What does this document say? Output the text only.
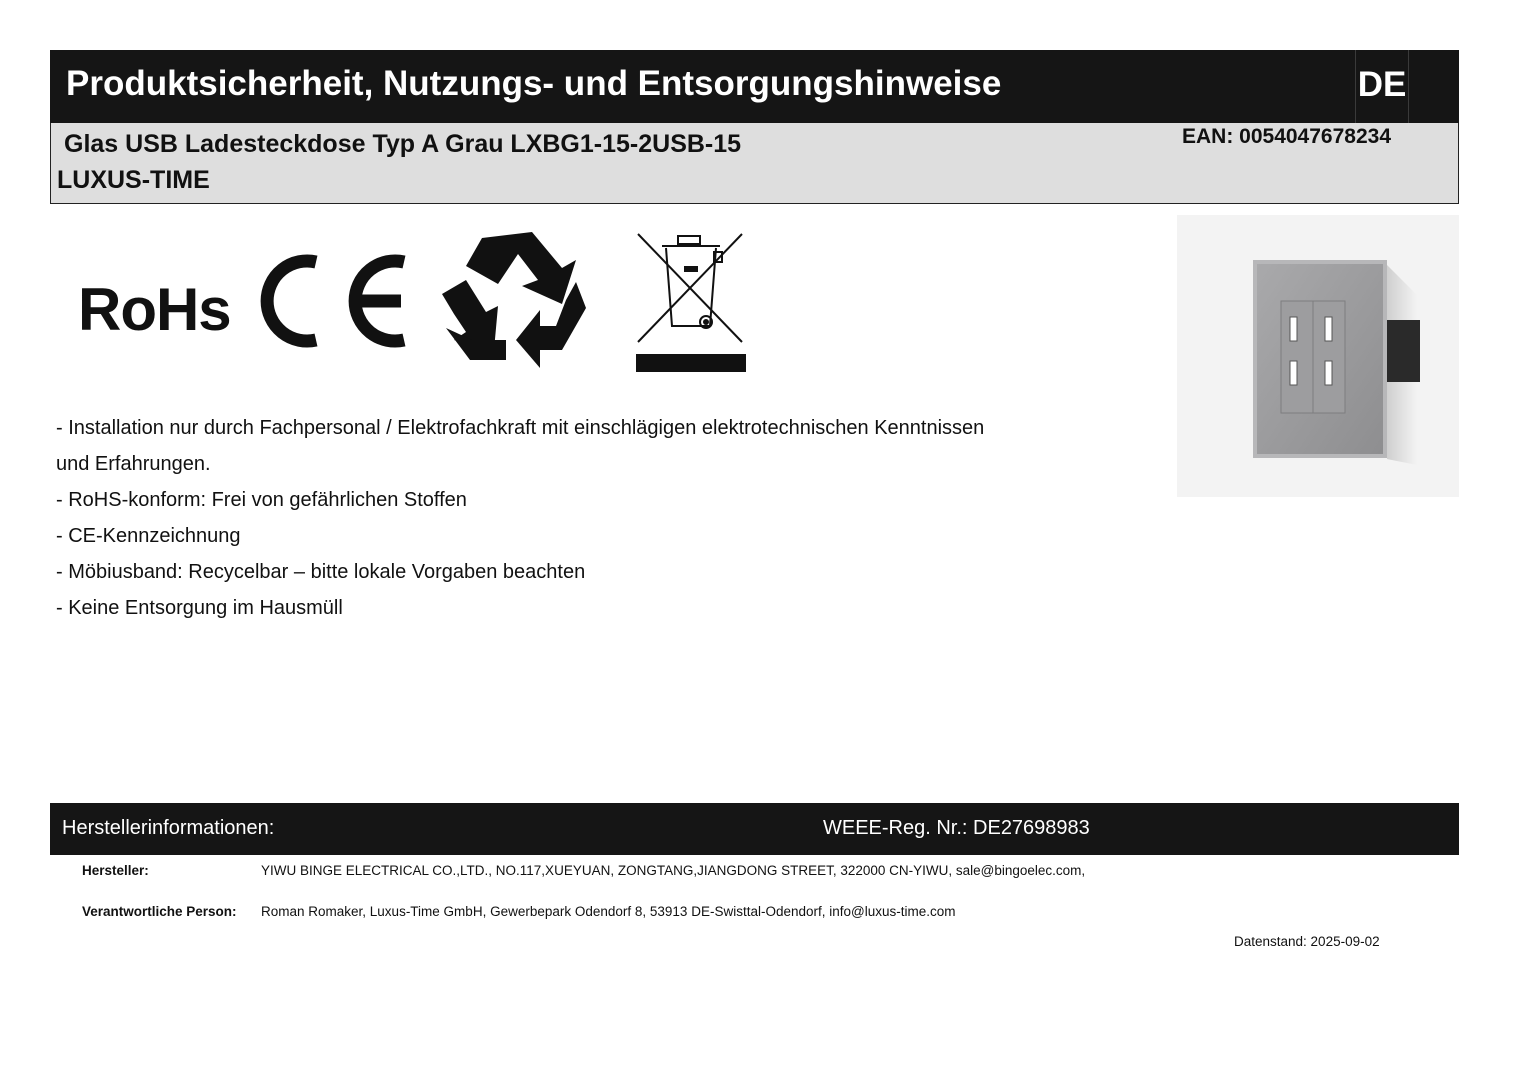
Produktsicherheit, Nutzungs- und Entsorgungshinweise	DE
Glas USB Ladesteckdose Typ A Grau LXBG1-15-2USB-15
LUXUS-TIME
EAN: 0054047678234
RoHs
- Installation nur durch Fachpersonal / Elektrofachkraft mit einschlägigen elektrotechnischen Kenntnissen
und Erfahrungen.
- RoHS-konform: Frei von gefährlichen Stoffen
- CE-Kennzeichnung
- Möbiusband: Recycelbar – bitte lokale Vorgaben beachten
- Keine Entsorgung im Hausmüll
Herstellerinformationen:	WEEE-Reg. Nr.: DE27698983
Hersteller:	YIWU BINGE ELECTRICAL CO.,LTD., NO.117,XUEYUAN, ZONGTANG,JIANGDONG STREET, 322000 CN-YIWU, sale@bingoelec.com,
Verantwortliche Person: Roman Romaker, Luxus-Time GmbH, Gewerbepark Odendorf 8, 53913 DE-Swisttal-Odendorf, info@luxus-time.com
Datenstand: 2025-09-02
